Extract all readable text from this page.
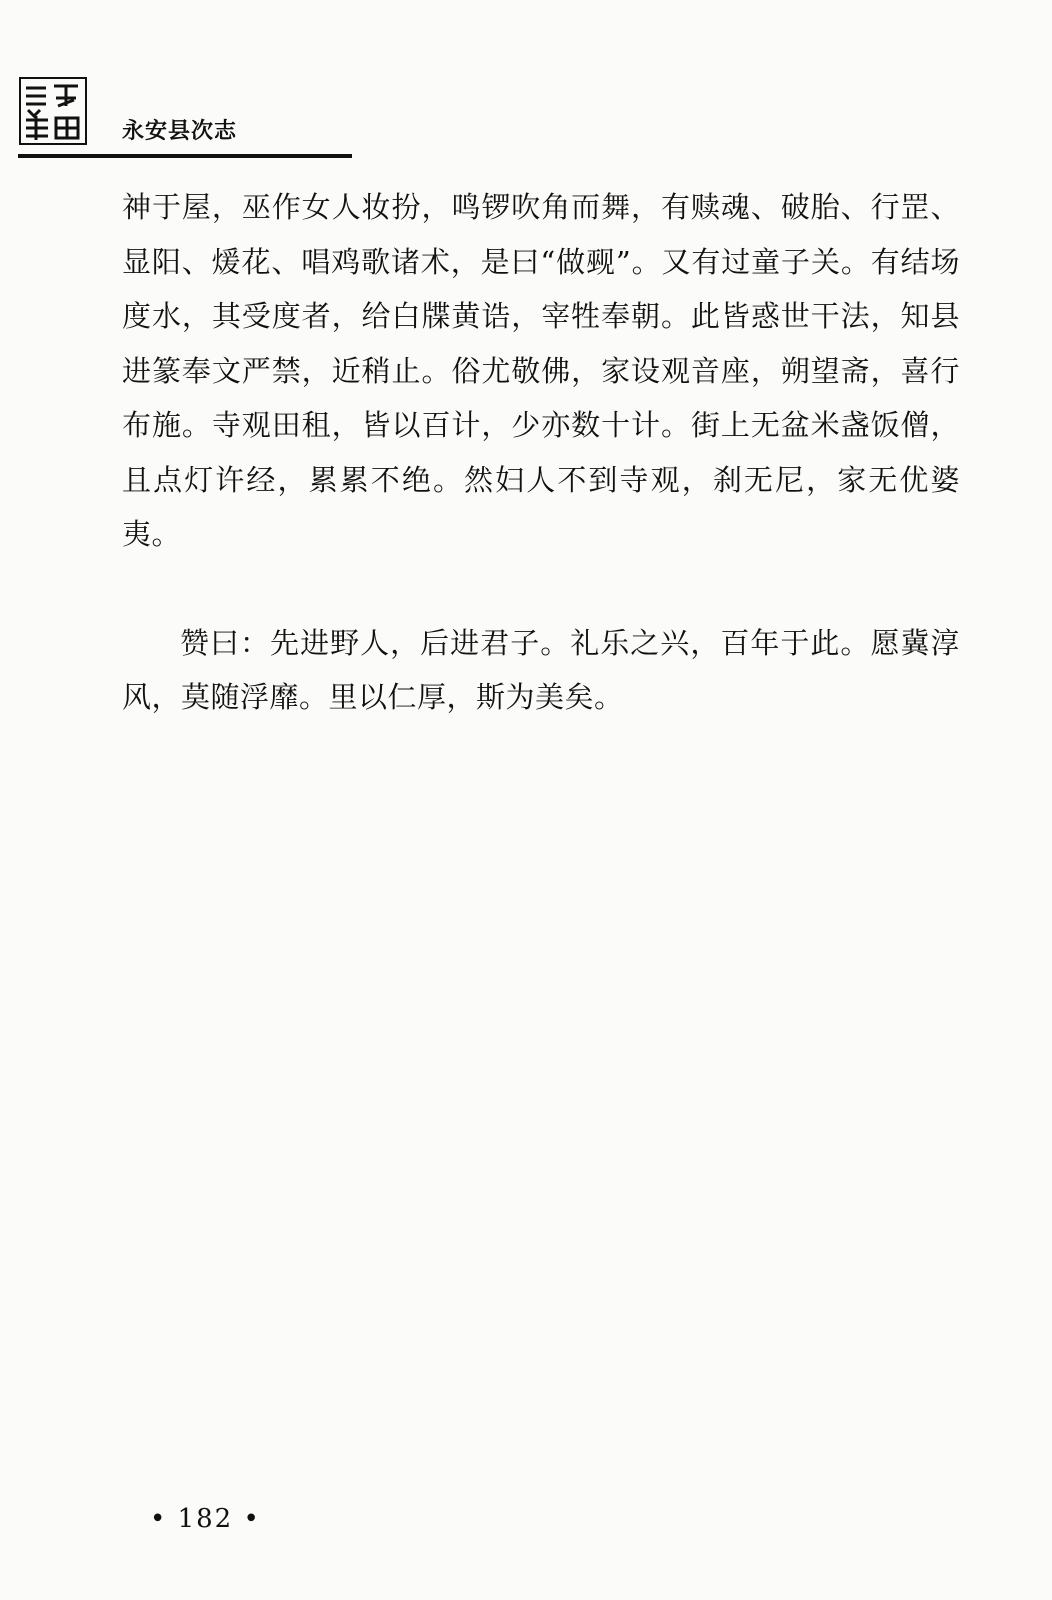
永安县次志

神于屋，巫作女人妆扮，鸣锣吹角而舞，有赎魂、破胎、行罡、显阳、煖花、唱鸡歌诸术，是曰“做觋”。又有过童子关。有结场度水，其受度者，给白牒黄诰，宰牲奉朝。此皆惑世干法，知县进篆奉文严禁，近稍止。俗尤敬佛，家设观音座，朔望斋，喜行布施。寺观田租，皆以百计，少亦数十计。街上无盆米盏饭僧，且点灯许经，累累不绝。然妇人不到寺观，刹无尼，家无优婆夷。

赞曰：先进野人，后进君子。礼乐之兴，百年于此。愿冀淳风，莫随浮靡。里以仁厚，斯为美矣。

• 182 •
